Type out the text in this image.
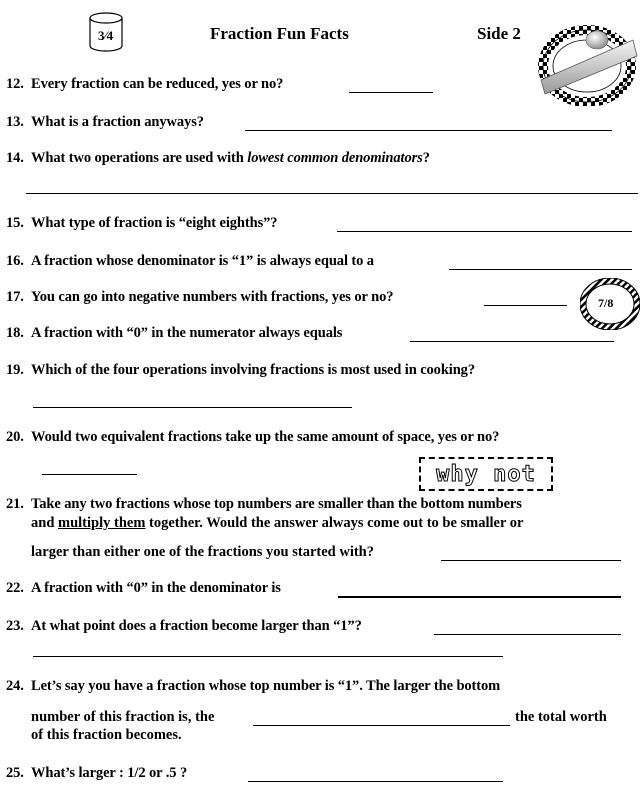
3⁄4	Fraction Fun Facts	Side 2
12. Every fraction can be reduced, yes or no?
13. What is a fraction anyways?
14. What two operations are used with lowest common denominators?
15. What type of fraction is “eight eighths”?
16. A fraction whose denominator is “1” is always equal to a
17. You can go into negative numbers with fractions, yes or no?	7/8
18. A fraction with “0” in the numerator always equals
19. Which of the four operations involving fractions is most used in cooking?
20. Would two equivalent fractions take up the same amount of space, yes or no?
why not
21. Take any two fractions whose top numbers are smaller than the bottom numbers
and multiply them together. Would the answer always come out to be smaller or
larger than either one of the fractions you started with?
22. A fraction with “0” in the denominator is
23. At what point does a fraction become larger than “1”?
24. Let’s say you have a fraction whose top number is “1”. The larger the bottom
number of this fraction is, the	the total worth
of this fraction becomes.
25. What’s larger : 1/2 or .5 ?
